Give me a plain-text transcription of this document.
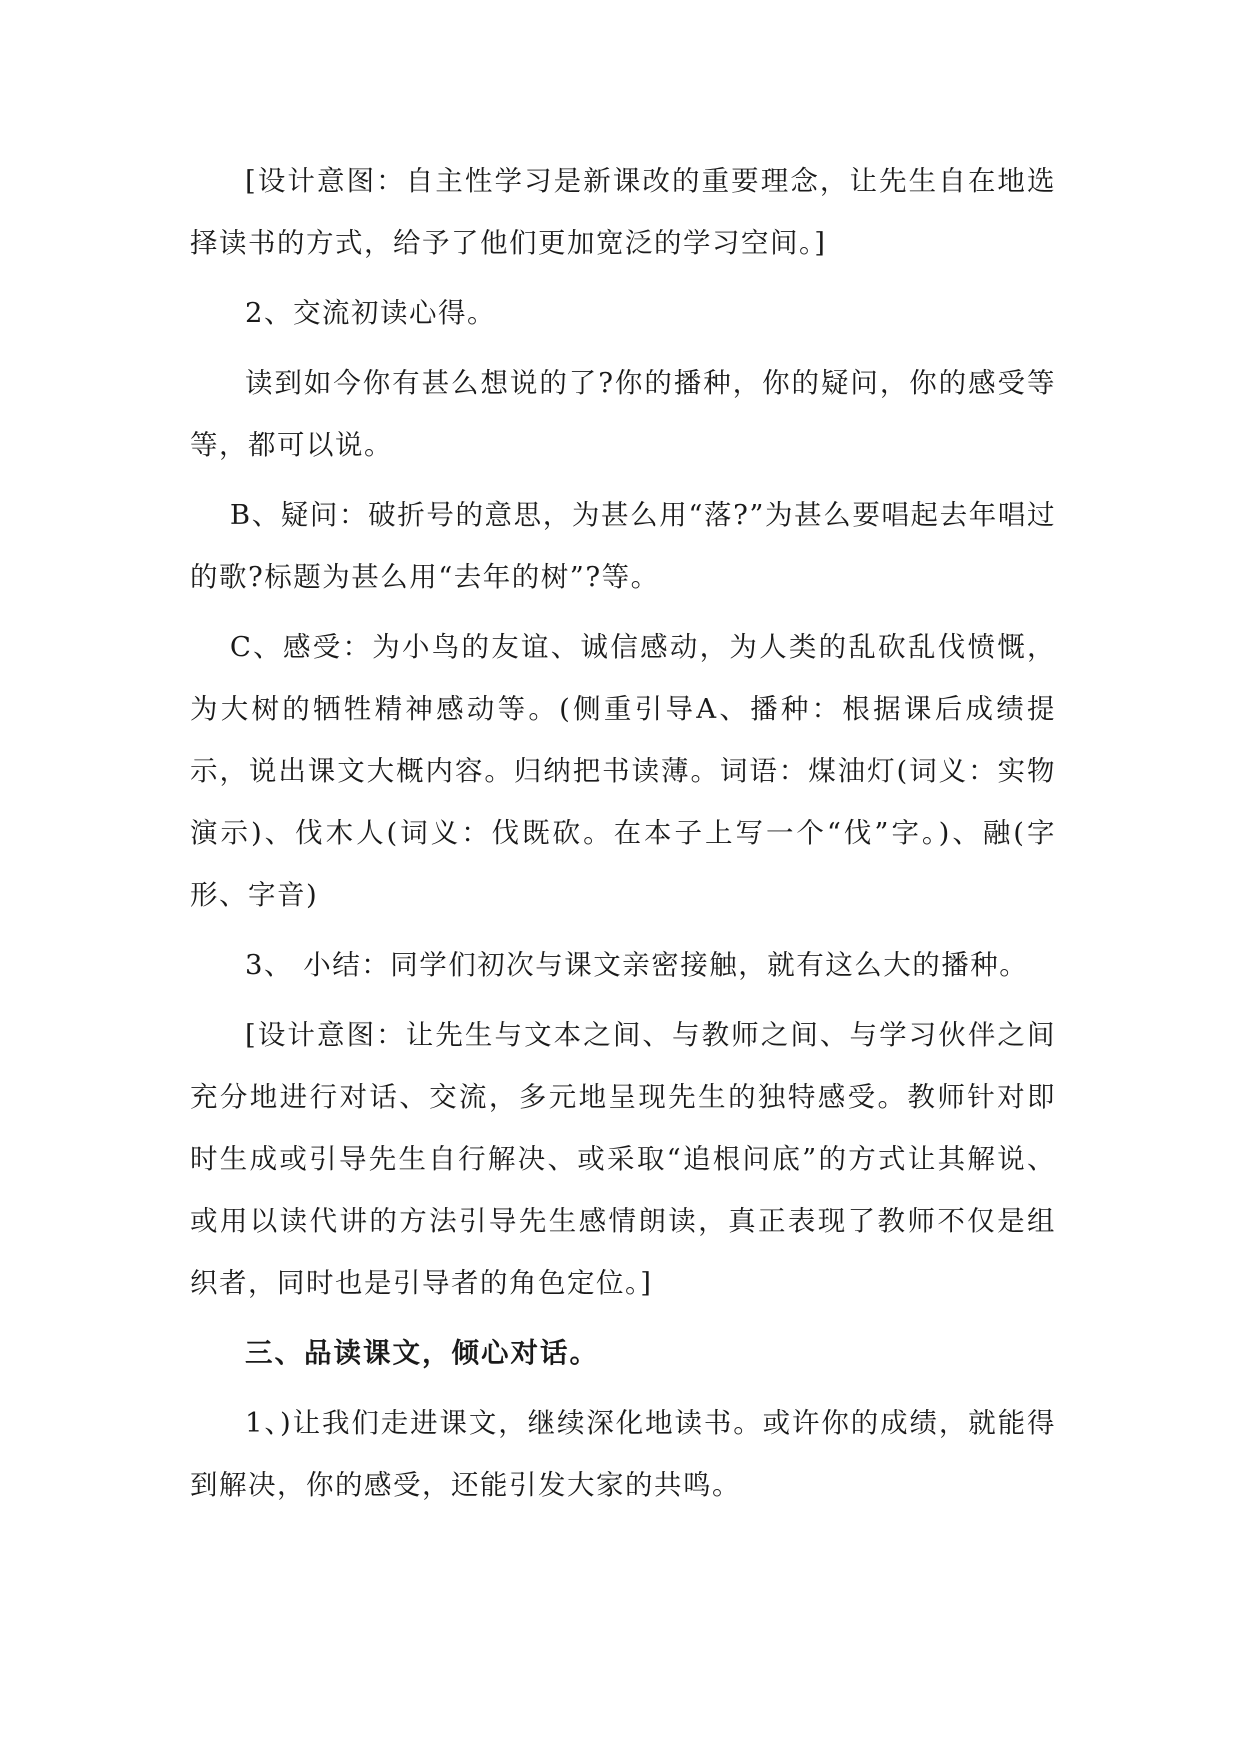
[设计意图：自主性学习是新课改的重要理念，让先生自在地选择读书的方式，给予了他们更加宽泛的学习空间。]

2、交流初读心得。

读到如今你有甚么想说的了?你的播种，你的疑问，你的感受等等，都可以说。

B、疑问：破折号的意思，为甚么用“落?”为甚么要唱起去年唱过的歌?标题为甚么用“去年的树”?等。

C、感受：为小鸟的友谊、诚信感动，为人类的乱砍乱伐愤慨，为大树的牺牲精神感动等。(侧重引导A、播种：根据课后成绩提示，说出课文大概内容。归纳把书读薄。词语：煤油灯(词义：实物演示)、伐木人(词义：伐既砍。在本子上写一个“伐”字。)、融(字形、字音)

3、 小结：同学们初次与课文亲密接触，就有这么大的播种。

[设计意图：让先生与文本之间、与教师之间、与学习伙伴之间充分地进行对话、交流，多元地呈现先生的独特感受。教师针对即时生成或引导先生自行解决、或采取“追根问底”的方式让其解说、或用以读代讲的方法引导先生感情朗读，真正表现了教师不仅是组织者，同时也是引导者的角色定位。]

三、品读课文，倾心对话。

1、)让我们走进课文，继续深化地读书。或许你的成绩，就能得到解决，你的感受，还能引发大家的共鸣。
